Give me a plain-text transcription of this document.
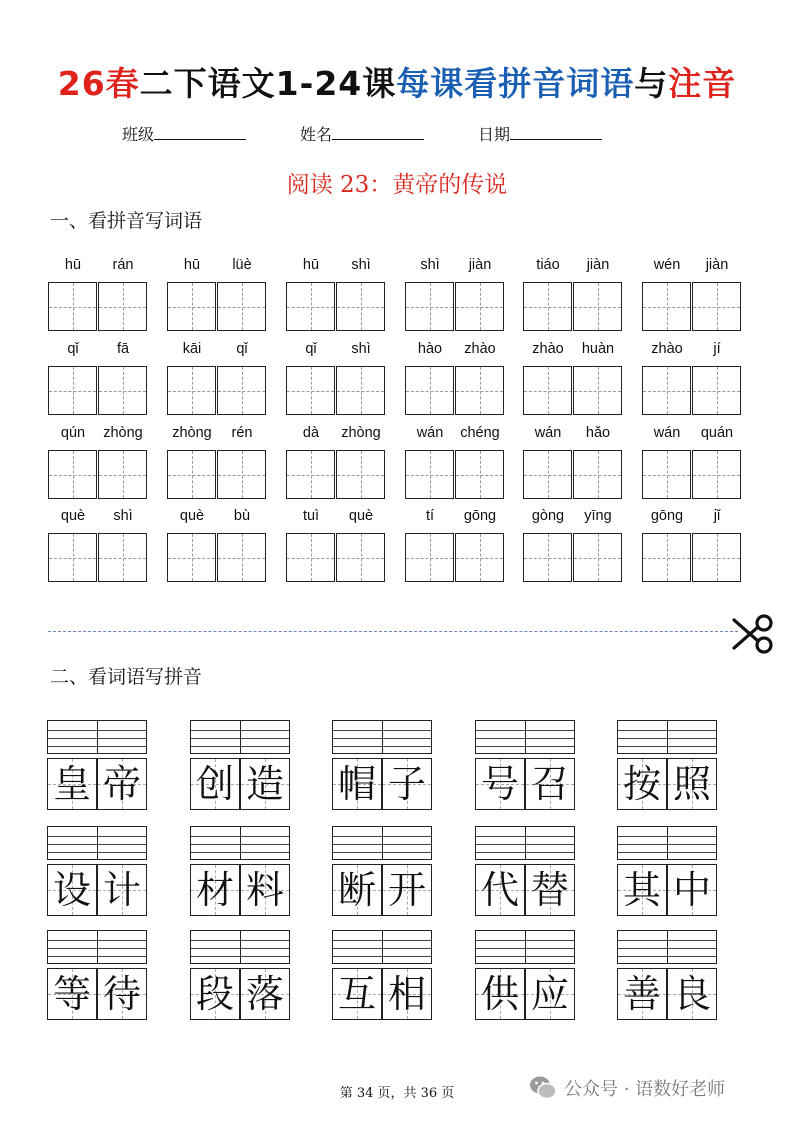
26春二下语文1-24课每课看拼音词语与注音
班级	姓名	日期
阅读 23：黄帝的传说
一、看拼音写词语
hū	rán	hū	lüè	hū	shì	shì	jiàn	tiáo	jiàn	wén	jiàn
qǐ	fā	kāi	qǐ	qǐ	shì	hào	zhào	zhào	huàn	zhào	jí
qún	zhòng	zhòng	rén	dà	zhòng	wán	chéng	wán	hǎo	wán	quán
què	shì	què	bù	tuì	què	tí	gōng	gòng	yīng	gōng	jǐ
二、看词语写拼音
皇 帝 创 造 帽 子 号 召 按 照
设 计 材 料 断 开 代 替 其 中
等 待 段 落 互 相 供 应 善 良
第 34 页，共 36 页	公众号 · 语数好老师
